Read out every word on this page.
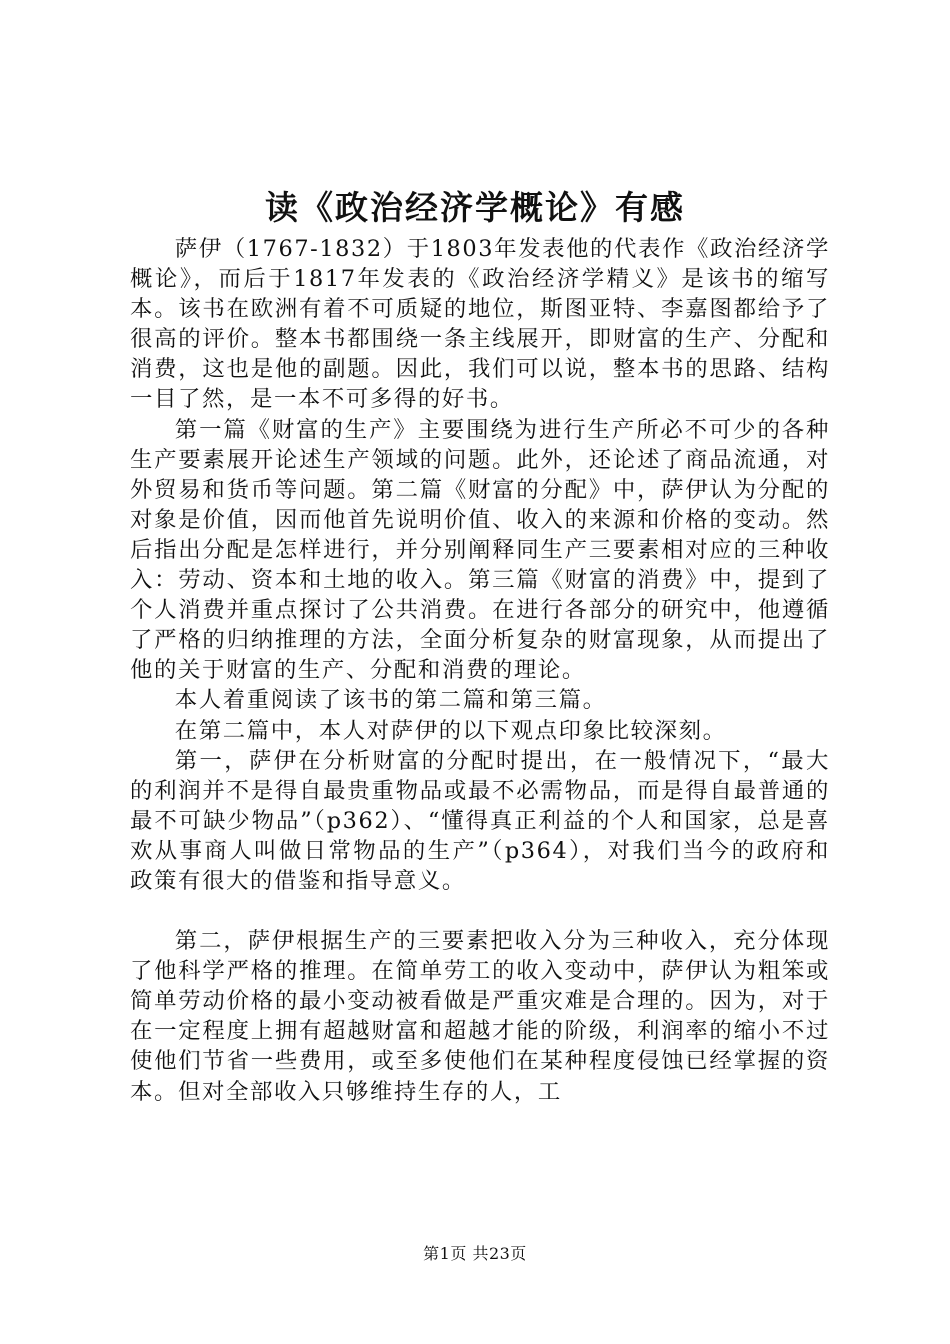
读《政治经济学概论》有感

萨伊（1767-1832）于1803年发表他的代表作《政治经济学概论》，而后于1817年发表的《政治经济学精义》是该书的缩写本。该书在欧洲有着不可质疑的地位，斯图亚特、李嘉图都给予了很高的评价。整本书都围绕一条主线展开，即财富的生产、分配和消费，这也是他的副题。因此，我们可以说，整本书的思路、结构一目了然，是一本不可多得的好书。

第一篇《财富的生产》主要围绕为进行生产所必不可少的各种生产要素展开论述生产领域的问题。此外，还论述了商品流通，对外贸易和货币等问题。第二篇《财富的分配》中，萨伊认为分配的对象是价值，因而他首先说明价值、收入的来源和价格的变动。然后指出分配是怎样进行，并分别阐释同生产三要素相对应的三种收入：劳动、资本和土地的收入。第三篇《财富的消费》中，提到了个人消费并重点探讨了公共消费。在进行各部分的研究中，他遵循了严格的归纳推理的方法，全面分析复杂的财富现象，从而提出了他的关于财富的生产、分配和消费的理论。

本人着重阅读了该书的第二篇和第三篇。

在第二篇中，本人对萨伊的以下观点印象比较深刻。

第一，萨伊在分析财富的分配时提出，在一般情况下，“最大的利润并不是得自最贵重物品或最不必需物品，而是得自最普通的最不可缺少物品”（p362）、“懂得真正利益的个人和国家，总是喜欢从事商人叫做日常物品的生产”（p364），对我们当今的政府和政策有很大的借鉴和指导意义。

第二，萨伊根据生产的三要素把收入分为三种收入，充分体现了他科学严格的推理。在简单劳工的收入变动中，萨伊认为粗笨或简单劳动价格的最小变动被看做是严重灾难是合理的。因为，对于在一定程度上拥有超越财富和超越才能的阶级，利润率的缩小不过使他们节省一些费用，或至多使他们在某种程度侵蚀已经掌握的资本。但对全部收入只够维持生存的人，工

第1页 共23页
